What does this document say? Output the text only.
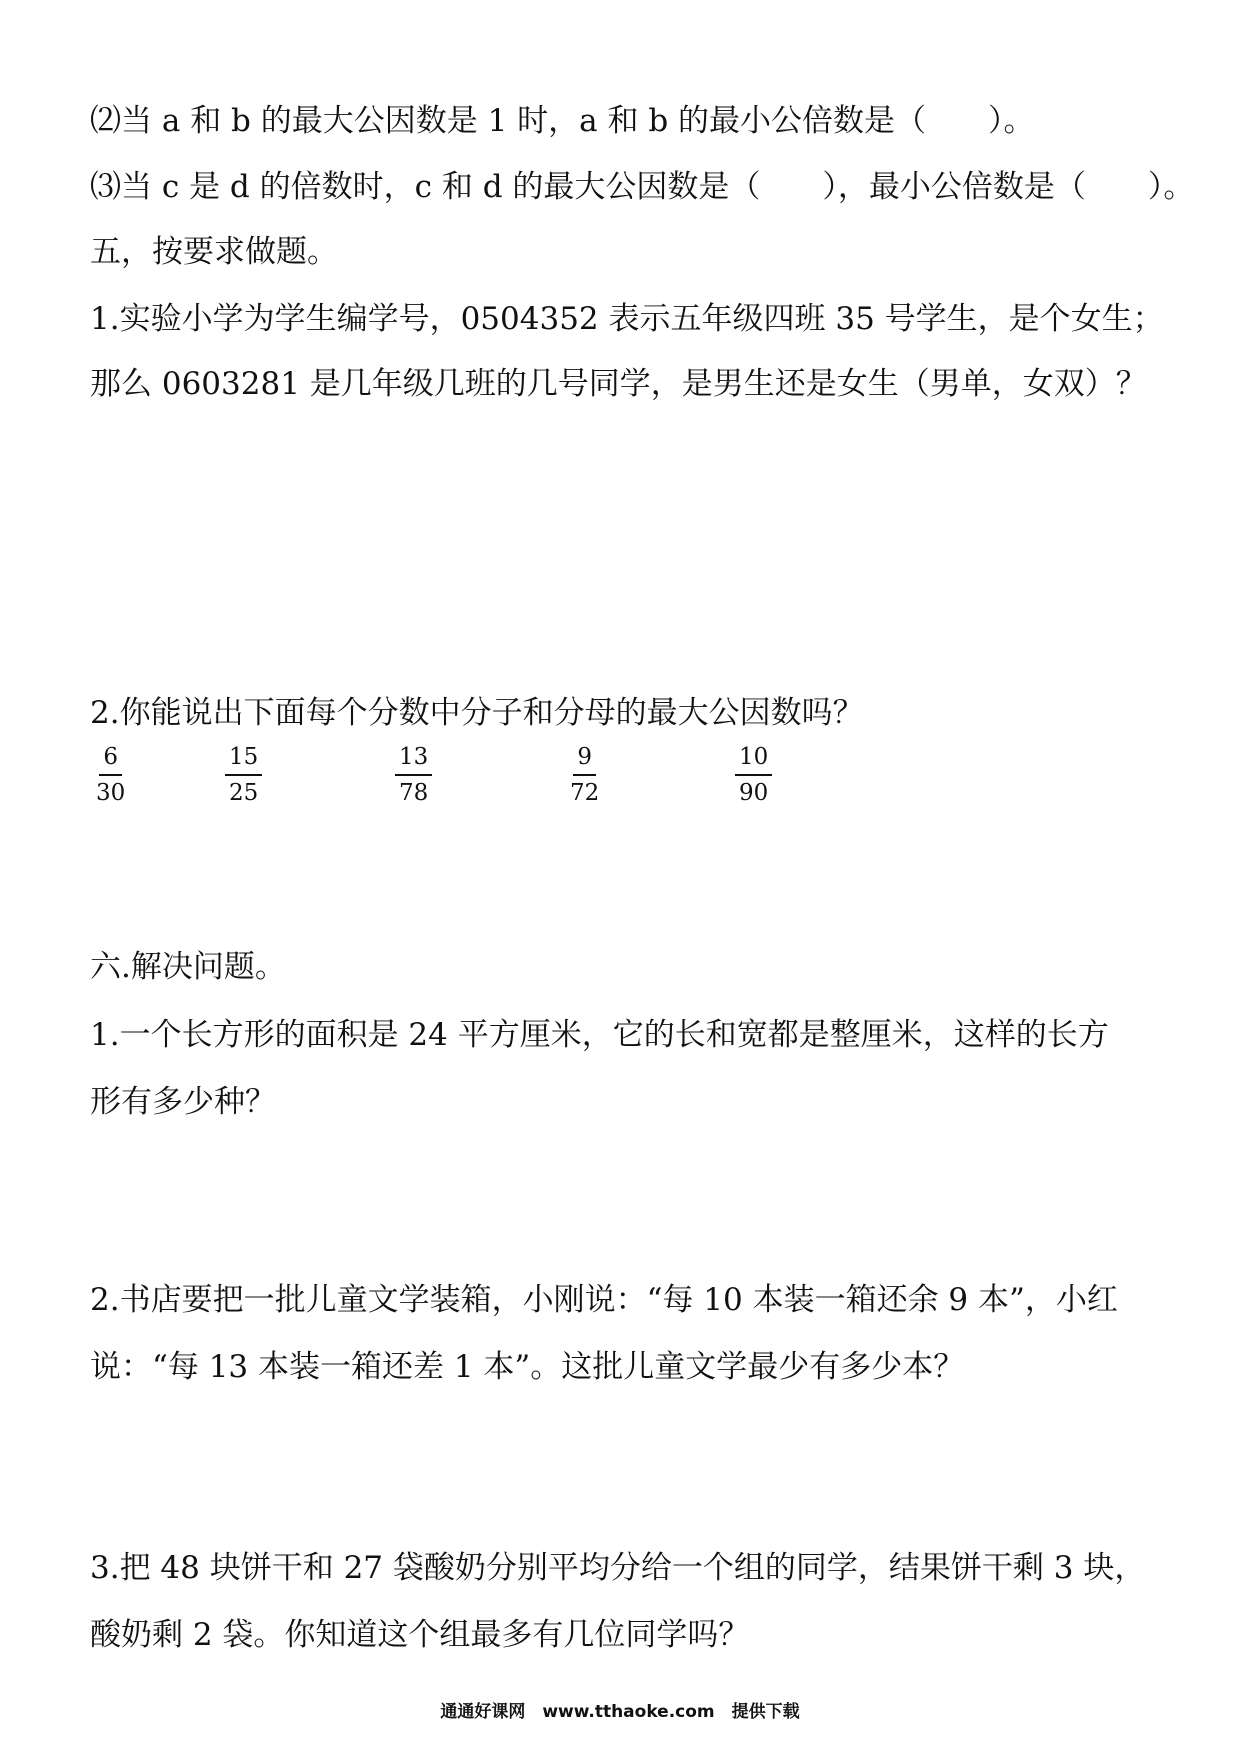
⑵当 a 和 b 的最大公因数是 1 时，a 和 b 的最小公倍数是（　　）。

⑶当 c 是 d 的倍数时，c 和 d 的最大公因数是（　　），最小公倍数是（　　）。

五，按要求做题。

1.实验小学为学生编学号，0504352 表示五年级四班 35 号学生，是个女生；

那么 0603281 是几年级几班的几号同学，是男生还是女生（男单，女双）？

2.你能说出下面每个分数中分子和分母的最大公因数吗？

$\frac{6}{30}$	$\frac{15}{25}$	$\frac{13}{78}$	$\frac{9}{72}$	$\frac{10}{90}$

六.解决问题。

1.一个长方形的面积是 24 平方厘米，它的长和宽都是整厘米，这样的长方

形有多少种？

2.书店要把一批儿童文学装箱，小刚说：“每 10 本装一箱还余 9 本”，小红

说：“每 13 本装一箱还差 1 本”。这批儿童文学最少有多少本？

3.把 48 块饼干和 27 袋酸奶分别平均分给一个组的同学，结果饼干剩 3 块，

酸奶剩 2 袋。你知道这个组最多有几位同学吗？

通通好课网　www.tthaoke.com　提供下载
